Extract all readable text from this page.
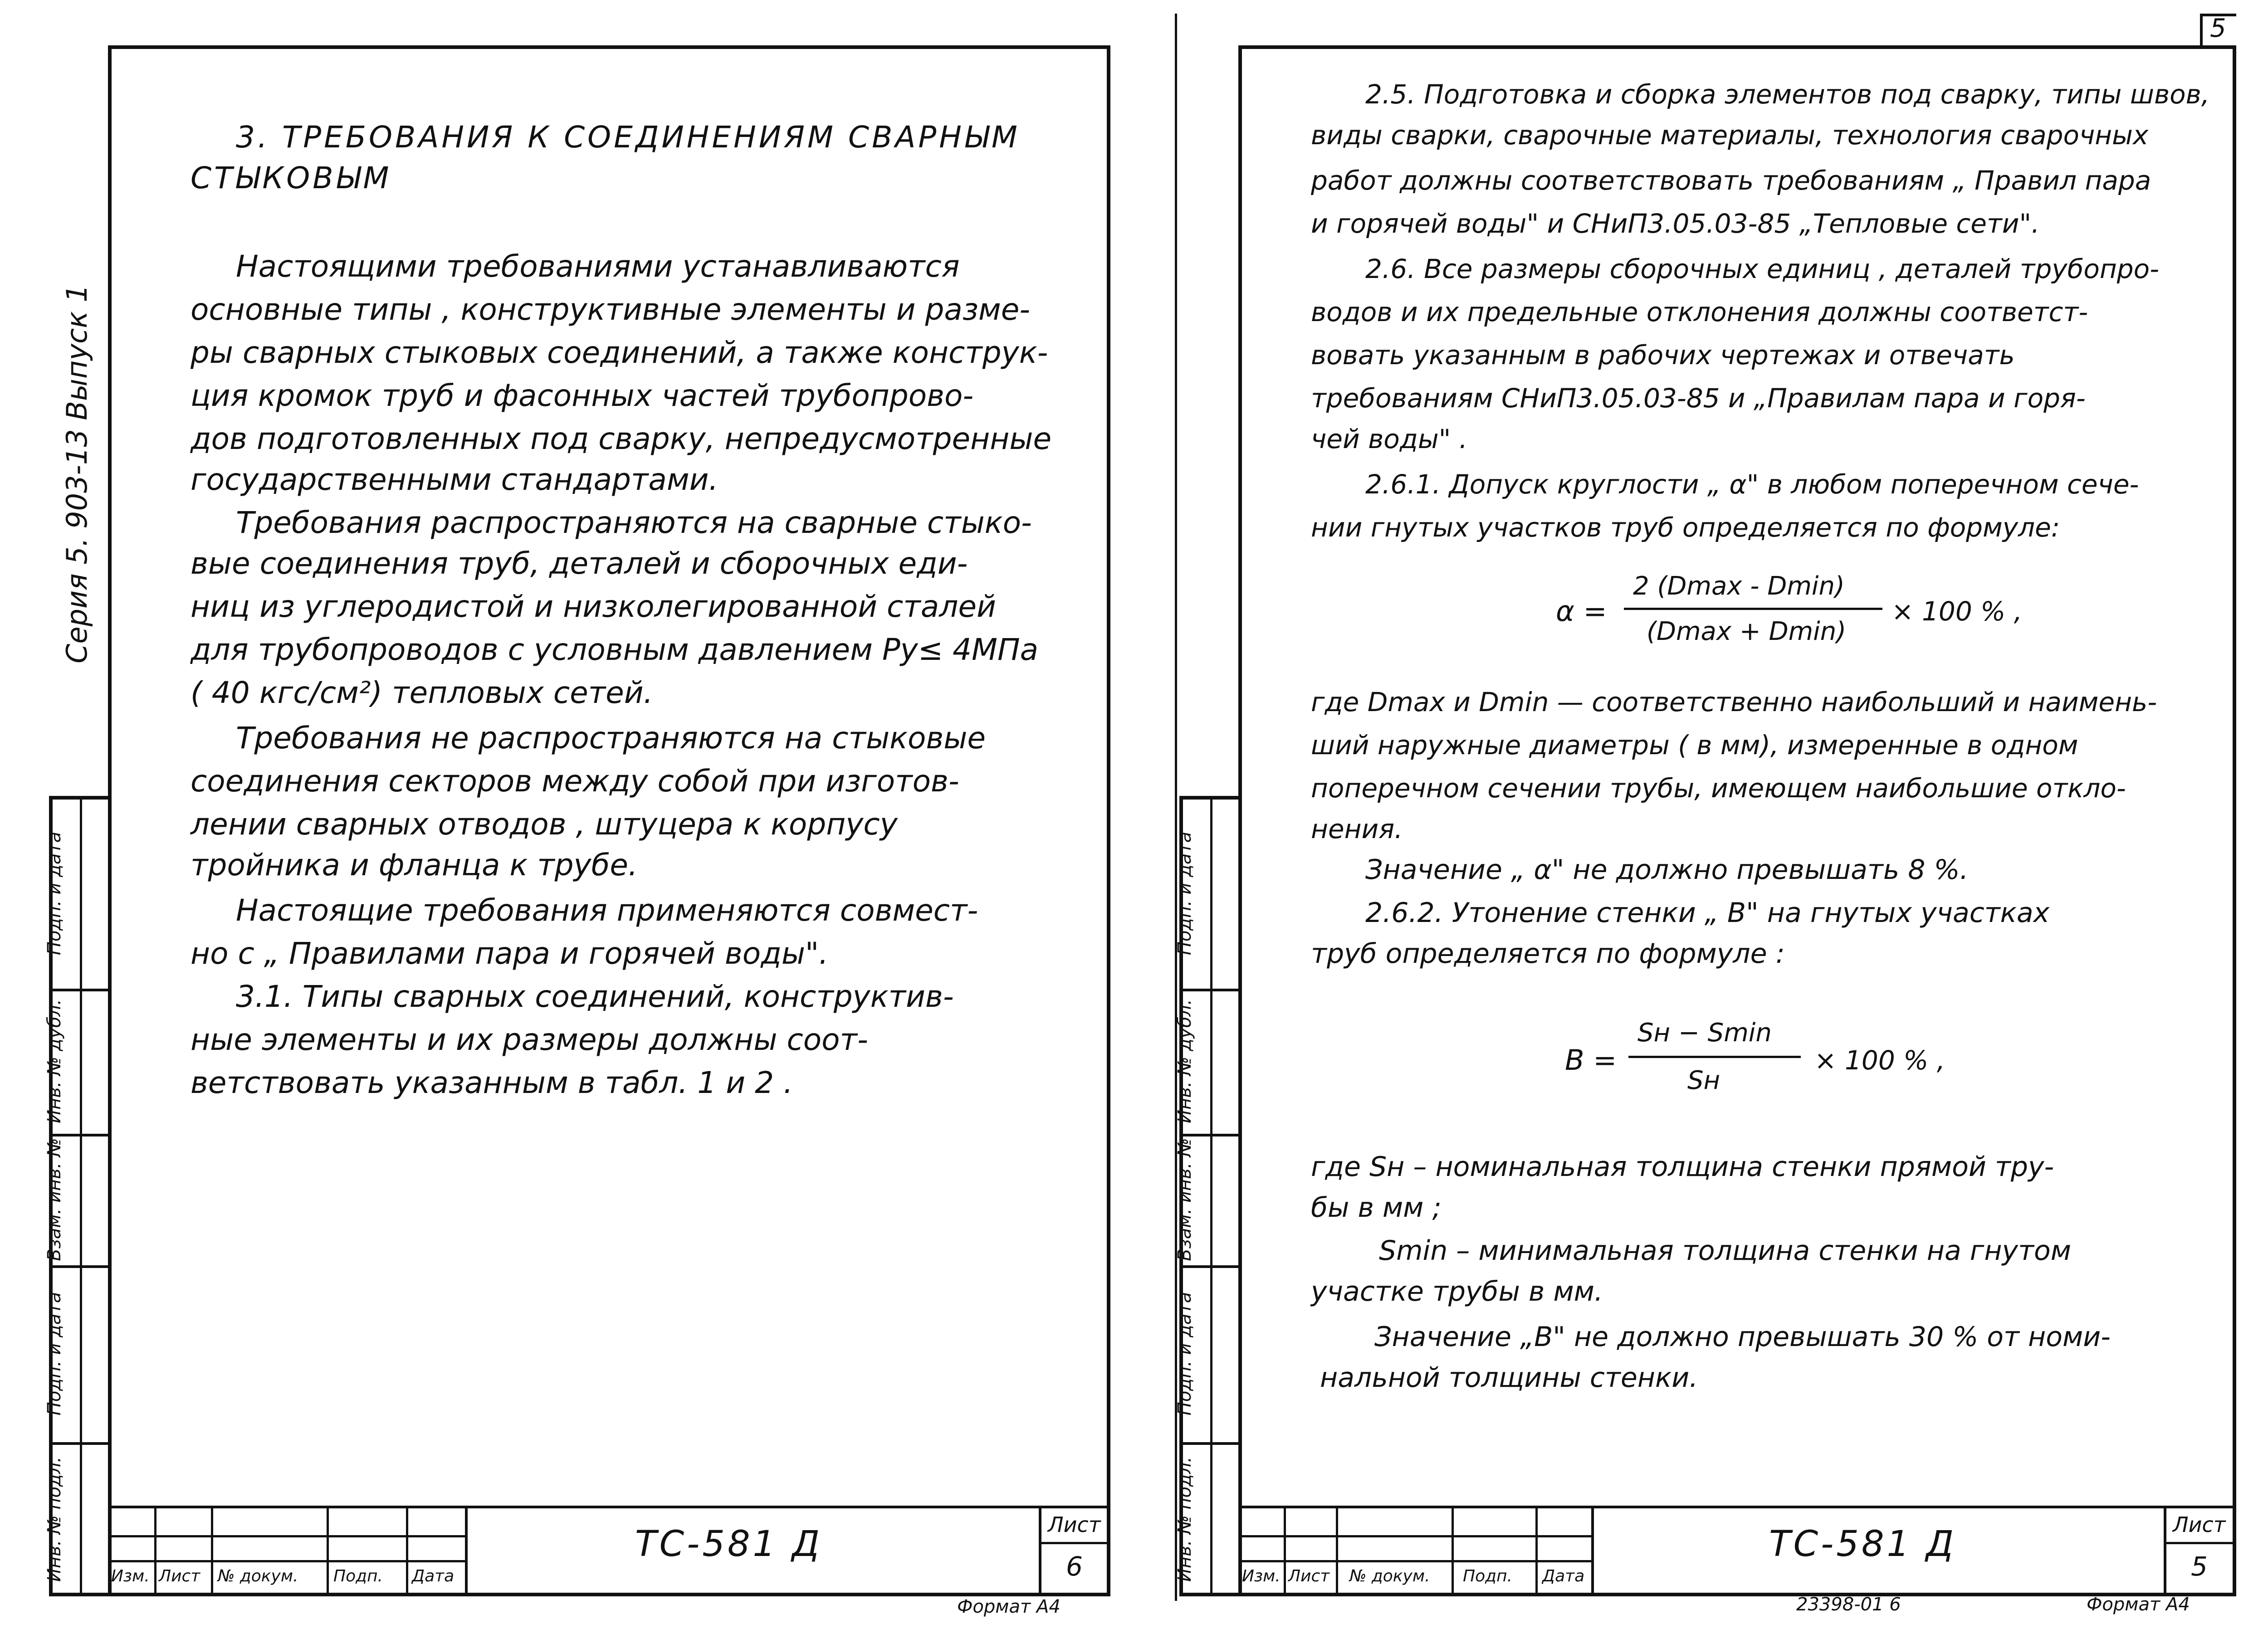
Серия 5. 903-13 Выпуск 1
Подп. и дата
Инв. № дубл.
Взам. инв. №
Подп. и дата
Инв. № подл.
3. ТРЕБОВАНИЯ К СОЕДИНЕНИЯМ СВАРНЫМ
СТЫКОВЫМ
Настоящими требованиями устанавливаются
основные типы , конструктивные элементы и разме-
ры сварных стыковых соединений, а также конструк-
ция кромок труб и фасонных частей трубопрово-
дов подготовленных под сварку, непредусмотренные
государственными стандартами.
Требования распространяются на сварные стыко-
вые соединения труб, деталей и сборочных еди-
ниц из углеродистой и низколегированной сталей
для трубопроводов с условным давлением Pу≤ 4МПа
( 40 кгс/см²) тепловых сетей.
Требования не распространяются на стыковые
соединения секторов между собой при изготов-
лении сварных отводов , штуцера к корпусу
тройника и фланца к трубе.
Настоящие требования применяются совмест-
но с „ Правилами пара и горячей воды".
3.1. Типы сварных соединений, конструктив-
ные элементы и их размеры должны соот-
ветствовать указанным в табл. 1 и 2 .
Изм. Лист № докум. Подп. Дата
ТС-581 Д	Лист
6
Формат А4
5
Подп. и дата
Инв. № дубл.
Взам. инв. №
Подп. и дата
Инв. № подл.
2.5. Подготовка и сборка элементов под сварку, типы швов,
виды сварки, сварочные материалы, технология сварочных
работ должны соответствовать требованиям „ Правил пара
и горячей воды" и СНиП3.05.03-85 „Тепловые сети".
2.6. Все размеры сборочных единиц , деталей трубопро-
водов и их предельные отклонения должны соответст-
вовать указанным в рабочих чертежах и отвечать
требованиям СНиП3.05.03-85 и „Правилам пара и горя-
чей воды" .
2.6.1. Допуск круглости „ α" в любом поперечном сече-
нии гнутых участков труб определяется по формуле:
α =
2 (Dmax - Dmin)
(Dmax + Dmin)
× 100 % ,
где Dmax и Dmin — соответственно наибольший и наимень-
ший наружные диаметры ( в мм), измеренные в одном
поперечном сечении трубы, имеющем наибольшие откло-
нения.
Значение „ α" не должно превышать 8 %.
2.6.2. Утонение стенки „ В" на гнутых участках
труб определяется по формуле :
В =
Sн − Smin
Sн
× 100 % ,
где Sн – номинальная толщина стенки прямой тру-
бы в мм ;
Smin – минимальная толщина стенки на гнутом
участке трубы в мм.
Значение „В" не должно превышать 30 % от номи-
нальной толщины стенки.
Изм. Лист № докум. Подп. Дата
ТС-581 Д	Лист
5
23398-01 6	Формат А4
